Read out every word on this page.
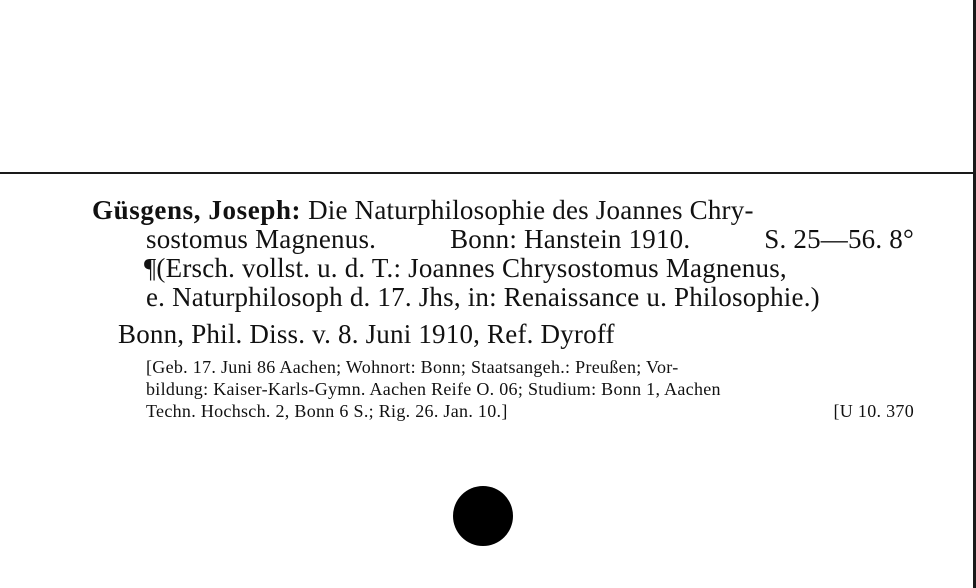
Güsgens, Joseph: Die Naturphilosophie des Joannes Chry-
sostomus Magnenus.	Bonn: Hanstein 1910.	S. 25—56. 8°
¶(Ersch. vollst. u. d. T.: Joannes Chrysostomus Magnenus,
e. Naturphilosoph d. 17. Jhs, in: Renaissance u. Philosophie.)
Bonn, Phil. Diss. v. 8. Juni 1910, Ref. Dyroff
[Geb. 17. Juni 86 Aachen; Wohnort: Bonn; Staatsangeh.: Preußen; Vor-
bildung: Kaiser-Karls-Gymn. Aachen Reife O. 06; Studium: Bonn 1, Aachen
Techn. Hochsch. 2, Bonn 6 S.; Rig. 26. Jan. 10.]	[U 10. 370
